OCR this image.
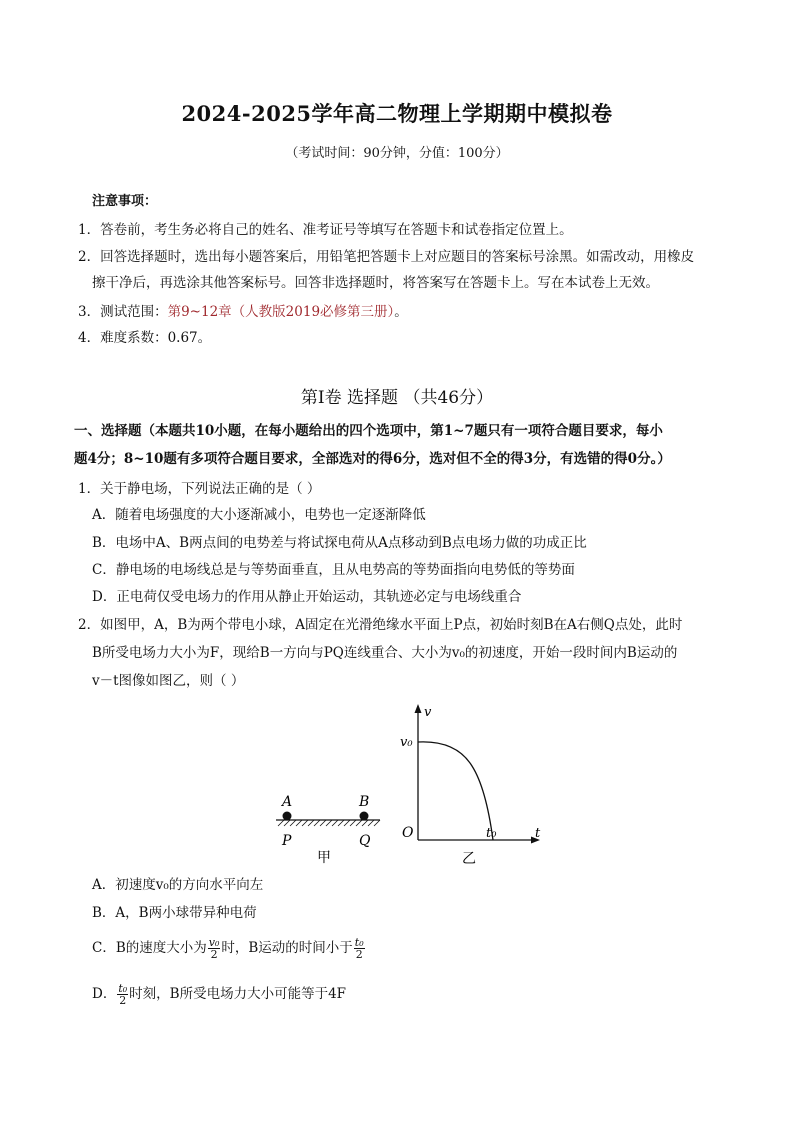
2024-2025学年高二物理上学期期中模拟卷
（考试时间：90分钟，分值：100分）
注意事项：
1．答卷前，考生务必将自己的姓名、准考证号等填写在答题卡和试卷指定位置上。
2．回答选择题时，选出每小题答案后，用铅笔把答题卡上对应题目的答案标号涂黑。如需改动，用橡皮
擦干净后，再选涂其他答案标号。回答非选择题时，将答案写在答题卡上。写在本试卷上无效。
3．测试范围：第9~12章（人教版2019必修第三册）。
4．难度系数：0.67。
第Ⅰ卷 选择题 （共46分）
一、选择题（本题共10小题，在每小题给出的四个选项中，第1~7题只有一项符合题目要求，每小
题4分；8~10题有多项符合题目要求，全部选对的得6分，选对但不全的得3分，有选错的得0分。）
1．关于静电场，下列说法正确的是（ ）
A．随着电场强度的大小逐渐减小，电势也一定逐渐降低
B．电场中A、B两点间的电势差与将试探电荷从A点移动到B点电场力做的功成正比
C．静电场的电场线总是与等势面垂直，且从电势高的等势面指向电势低的等势面
D．正电荷仅受电场力的作用从静止开始运动，其轨迹必定与电场线重合
2．如图甲，A，B为两个带电小球，A固定在光滑绝缘水平面上P点，初始时刻B在A右侧Q点处，此时
B所受电场力大小为F，现给B一方向与PQ连线重合、大小为v₀的初速度，开始一段时间内B运动的
v－t图像如图乙，则（ ）
A	B
P	Q
甲
v
v₀
O	t₀	t
乙
A．初速度v₀的方向水平向左
B．A，B两小球带异种电荷
C．B的速度大小为 $\frac{\text{v₀}}{2}$ 时，B运动的时间小于 $\frac{\text{t₀}}{2}$
D． $\frac{\text{t₀}}{2}$ 时刻，B所受电场力大小可能等于4F
